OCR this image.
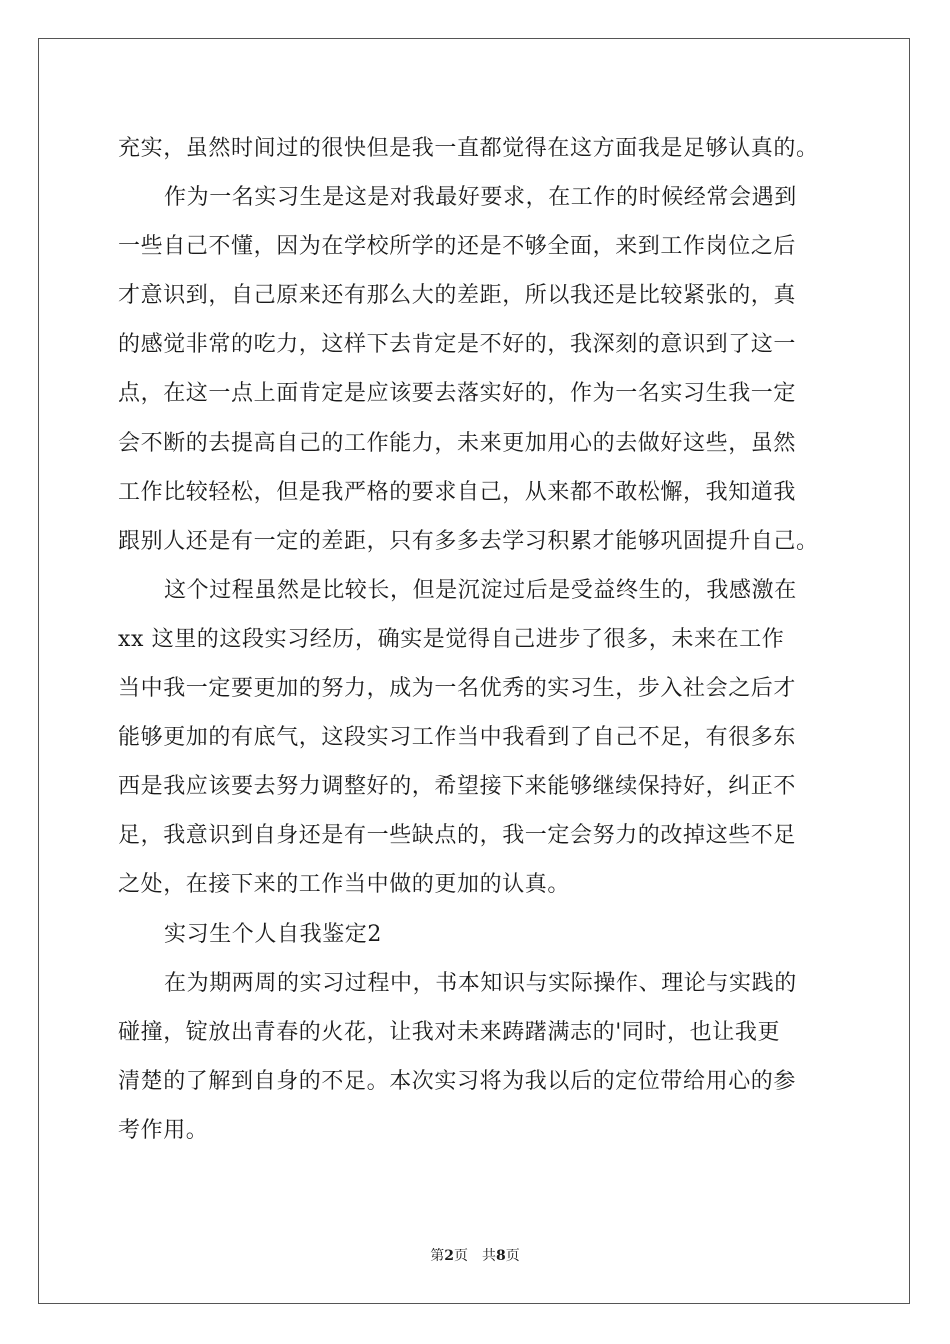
充实，虽然时间过的很快但是我一直都觉得在这方面我是足够认真的。
作为一名实习生是这是对我最好要求，在工作的时候经常会遇到
一些自己不懂，因为在学校所学的还是不够全面，来到工作岗位之后
才意识到，自己原来还有那么大的差距，所以我还是比较紧张的，真
的感觉非常的吃力，这样下去肯定是不好的，我深刻的意识到了这一
点，在这一点上面肯定是应该要去落实好的，作为一名实习生我一定
会不断的去提高自己的工作能力，未来更加用心的去做好这些，虽然
工作比较轻松，但是我严格的要求自己，从来都不敢松懈，我知道我
跟别人还是有一定的差距，只有多多去学习积累才能够巩固提升自己。
这个过程虽然是比较长，但是沉淀过后是受益终生的，我感激在
xx 这里的这段实习经历，确实是觉得自己进步了很多，未来在工作
当中我一定要更加的努力，成为一名优秀的实习生，步入社会之后才
能够更加的有底气，这段实习工作当中我看到了自己不足，有很多东
西是我应该要去努力调整好的，希望接下来能够继续保持好，纠正不
足，我意识到自身还是有一些缺点的，我一定会努力的改掉这些不足
之处，在接下来的工作当中做的更加的认真。
实习生个人自我鉴定2
在为期两周的实习过程中，书本知识与实际操作、理论与实践的
碰撞，锭放出青春的火花，让我对未来踌躇满志的'同时，也让我更
清楚的了解到自身的不足。本次实习将为我以后的定位带给用心的参
考作用。
第2页 共8页
